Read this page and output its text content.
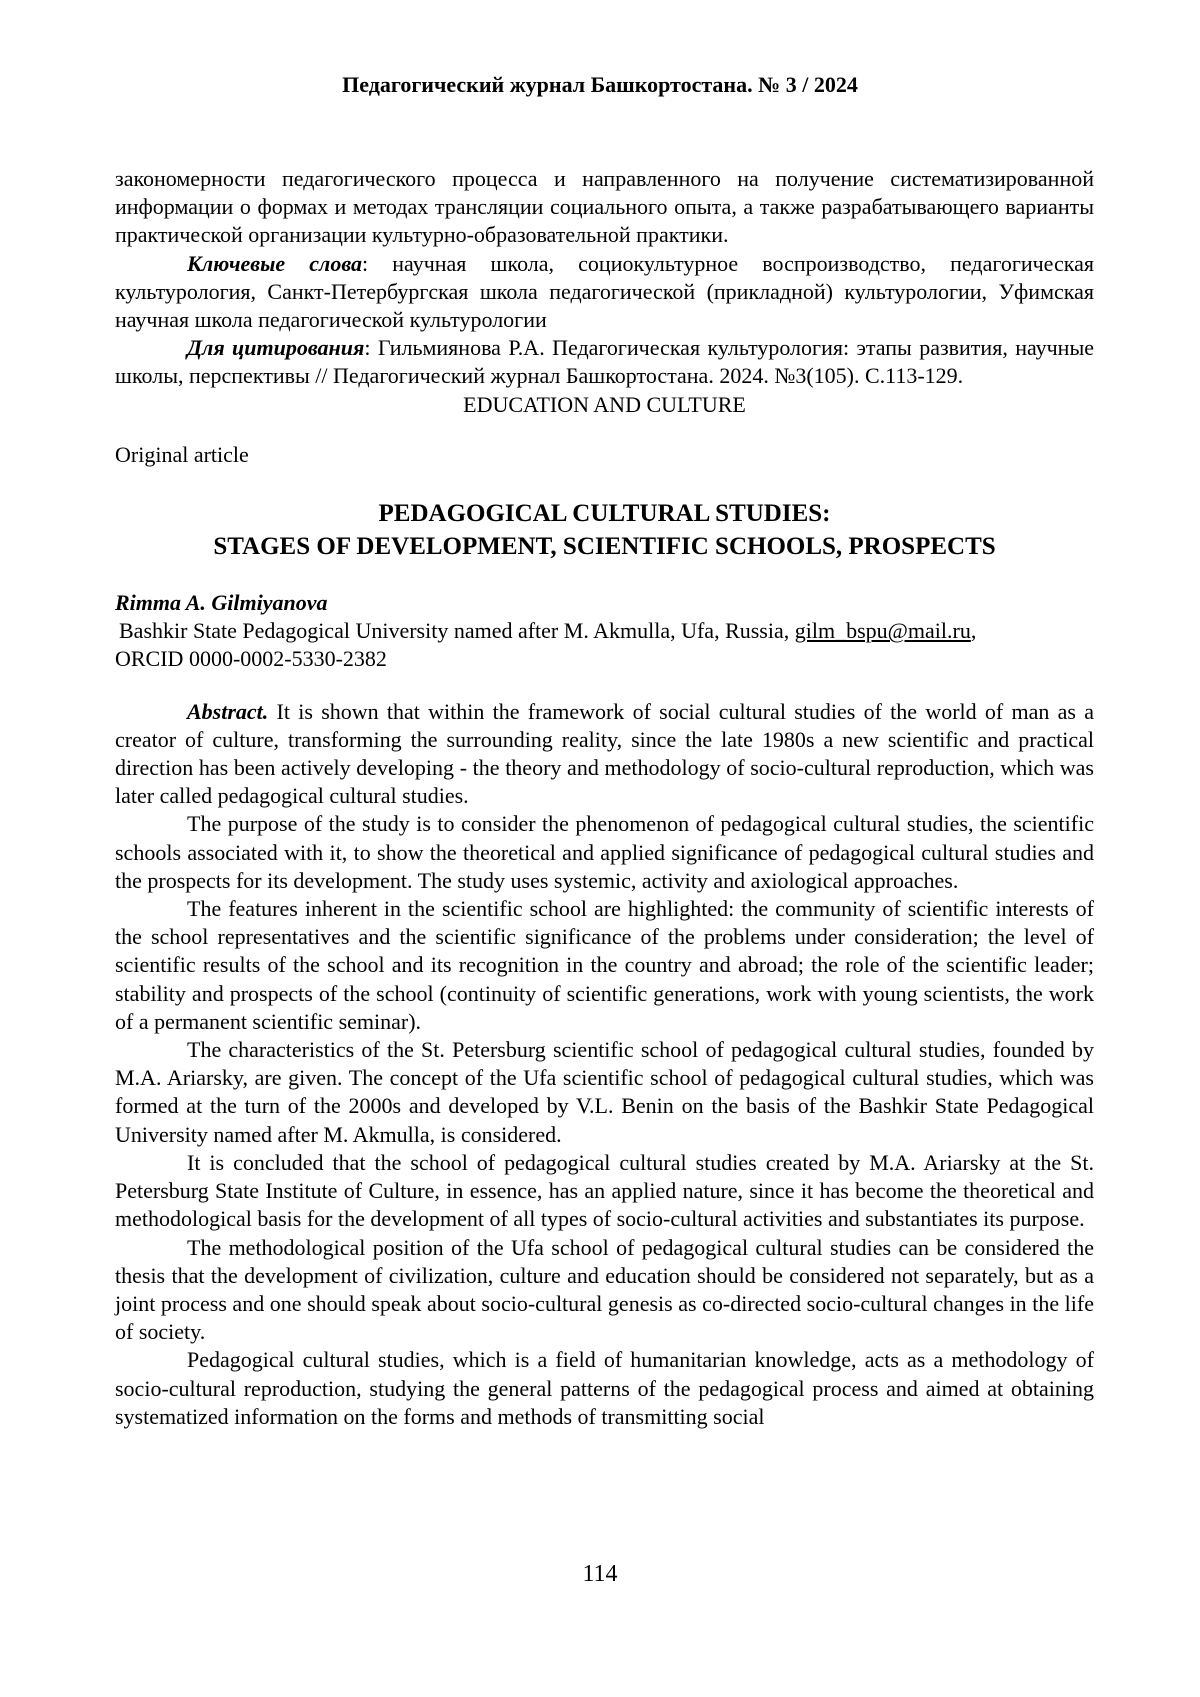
Педагогический журнал Башкортостана. № 3 / 2024

закономерности педагогического процесса и направленного на получение систематизированной информации о формах и методах трансляции социального опыта, а также разрабатывающего варианты практической организации культурно-образовательной практики.

Ключевые слова: научная школа, социокультурное воспроизводство, педагогическая культурология, Санкт-Петербургская школа педагогической (прикладной) культурологии, Уфимская научная школа педагогической культурологии

Для цитирования: Гильмиянова Р.А. Педагогическая культурология: этапы развития, научные школы, перспективы // Педагогический журнал Башкортостана. 2024. №3(105). С.113-129.

EDUCATION AND CULTURE

Original article

PEDAGOGICAL CULTURAL STUDIES:
STAGES OF DEVELOPMENT, SCIENTIFIC SCHOOLS, PROSPECTS

Rimma A. Gilmiyanova

Bashkir State Pedagogical University named after M. Akmulla, Ufa, Russia, gilm_bspu@mail.ru,

ORCID 0000-0002-5330-2382

Abstract. It is shown that within the framework of social cultural studies of the world of man as a creator of culture, transforming the surrounding reality, since the late 1980s a new scientific and practical direction has been actively developing - the theory and methodology of socio-cultural reproduction, which was later called pedagogical cultural studies.

The purpose of the study is to consider the phenomenon of pedagogical cultural studies, the scientific schools associated with it, to show the theoretical and applied significance of pedagogical cultural studies and the prospects for its development. The study uses systemic, activity and axiological approaches.

The features inherent in the scientific school are highlighted: the community of scientific interests of the school representatives and the scientific significance of the problems under consideration; the level of scientific results of the school and its recognition in the country and abroad; the role of the scientific leader; stability and prospects of the school (continuity of scientific generations, work with young scientists, the work of a permanent scientific seminar).

The characteristics of the St. Petersburg scientific school of pedagogical cultural studies, founded by M.A. Ariarsky, are given. The concept of the Ufa scientific school of pedagogical cultural studies, which was formed at the turn of the 2000s and developed by V.L. Benin on the basis of the Bashkir State Pedagogical University named after M. Akmulla, is considered.

It is concluded that the school of pedagogical cultural studies created by M.A. Ariarsky at the St. Petersburg State Institute of Culture, in essence, has an applied nature, since it has become the theoretical and methodological basis for the development of all types of socio-cultural activities and substantiates its purpose.

The methodological position of the Ufa school of pedagogical cultural studies can be considered the thesis that the development of civilization, culture and education should be considered not separately, but as a joint process and one should speak about socio-cultural genesis as co-directed socio-cultural changes in the life of society.

Pedagogical cultural studies, which is a field of humanitarian knowledge, acts as a methodology of socio-cultural reproduction, studying the general patterns of the pedagogical process and aimed at obtaining systematized information on the forms and methods of transmitting social

114
